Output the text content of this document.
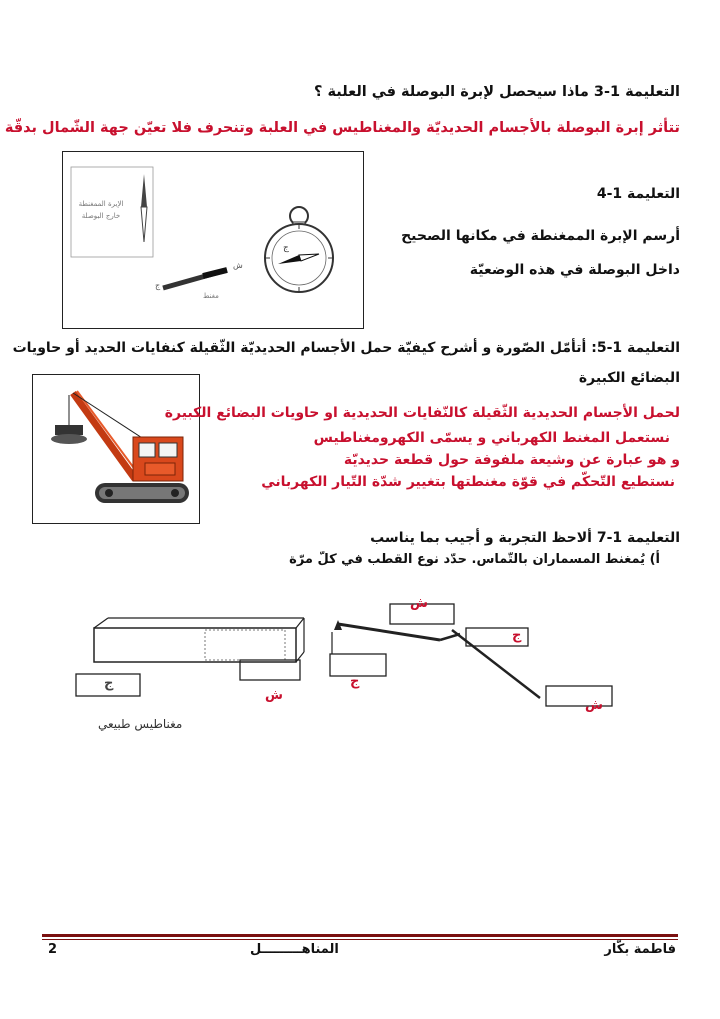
التعليمة 1-3 ماذا سيحصل لإبرة البوصلة في العلبة ؟
تتأثر إبرة البوصلة بالأجسام الحديديّة والمغناطيس في العلبة وتنحرف فلا تعيّن جهة الشّمال بدقّة
الإبرة الممغنطة
خارج البوصلة
ج
ش
مغنط
ج
التعليمة 1-4
أرسم الإبرة الممغنطة في مكانها الصحيح
داخل البوصلة في هذه الوضعيّة
التعليمة 1-5: أتأمّل الصّورة و أشرح كيفيّة حمل الأجسام الحديديّة الثّقيلة كنفايات الحديد أو حاويات
البضائع الكبيرة
لحمل الأجسام الحديدية الثّقيلة كالنّفايات الحديدية او حاويات البضائع الكبيرة
نستعمل المغنط الكهرباني و يسمّى الكهرومغناطيس
و هو عبارة عن وشيعة ملفوفة حول قطعة حديديّة
نستطيع التّحكّم في قوّة مغنطتها بتغيير شدّة التّيار الكهرباني
التعليمة 1-7 ألاحظ التجربة و أجيب بما يناسب
أ) يُمغنط المسماران بالتّماس. حدّد نوع القطب في كلّ مرّة
ج
ش
ش
ج
ج
ش
مغناطيس طبيعي
فاطمة بكّار
المناهـــــــــل
2
